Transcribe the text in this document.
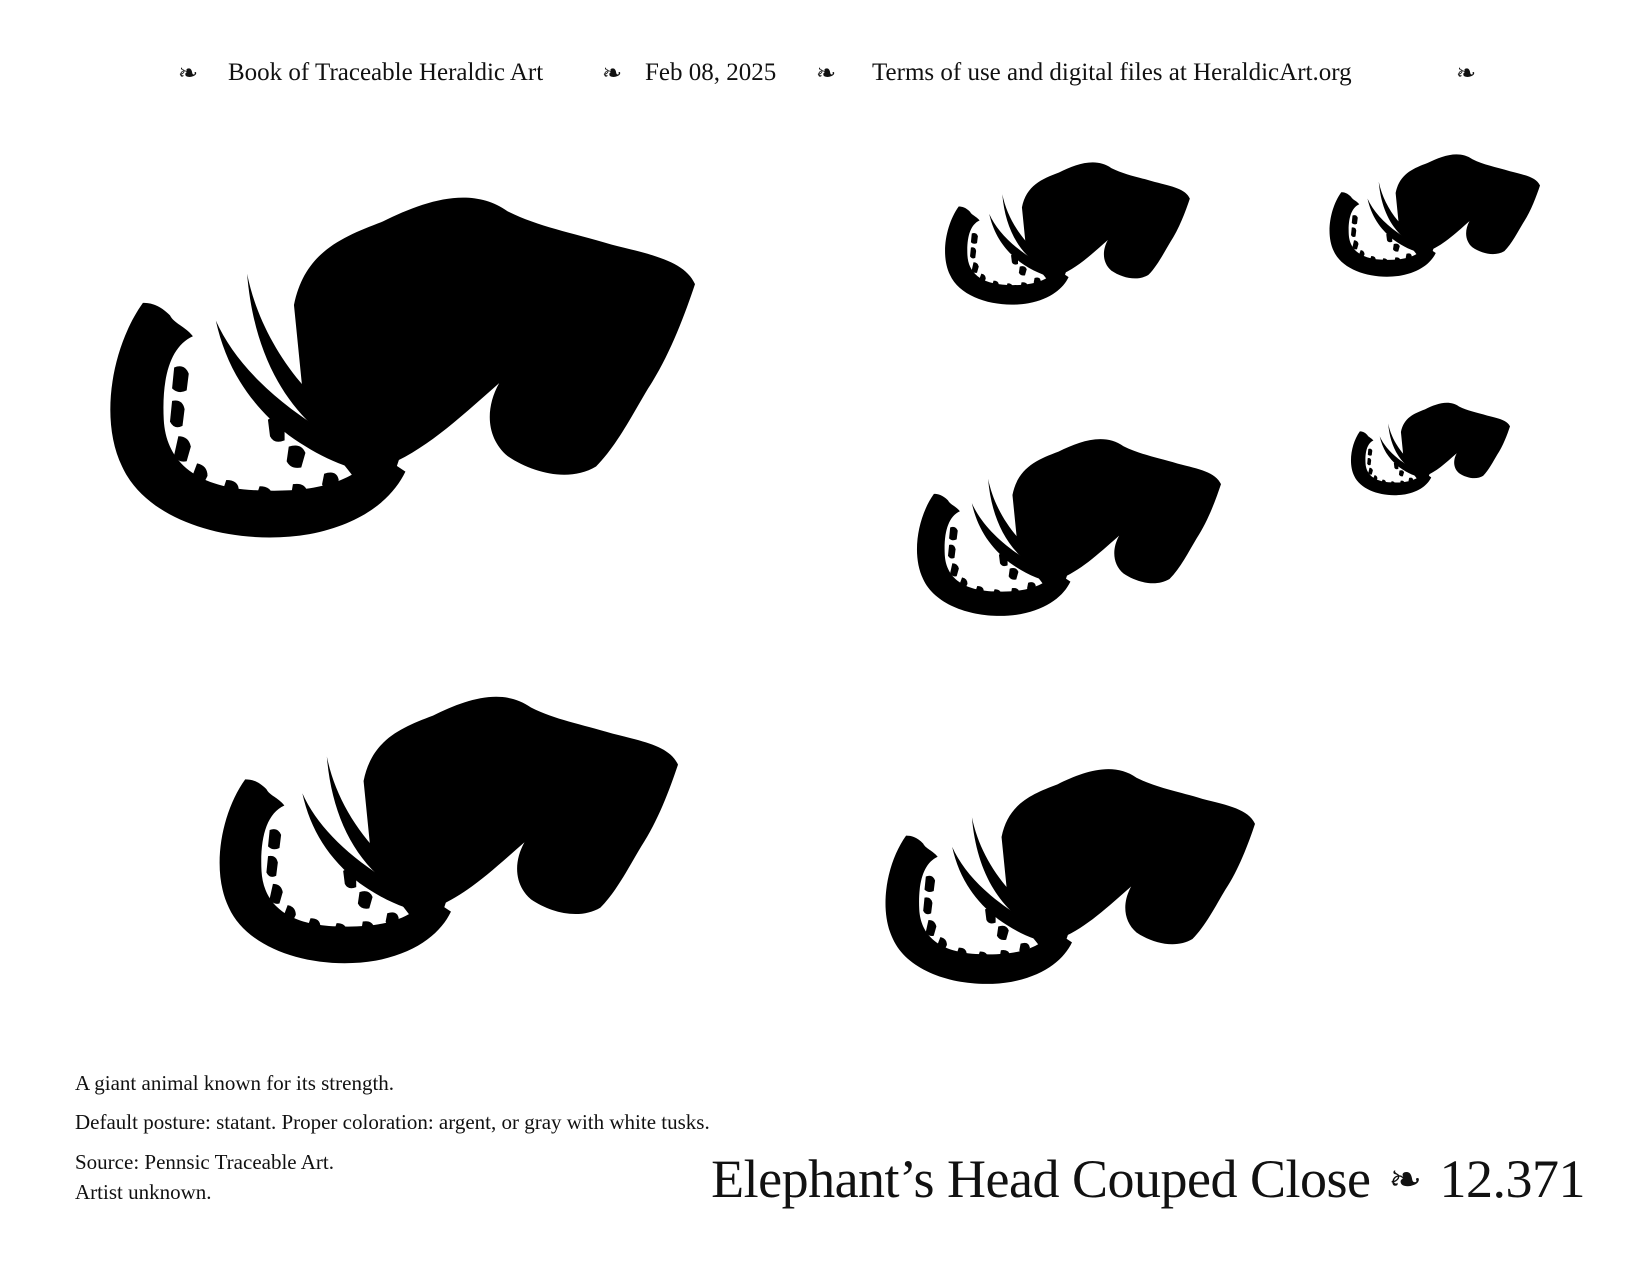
❧ Book of Traceable Heraldic Art ❧ Feb 08, 2025 ❧ Terms of use and digital files at HeraldicArt.org	❧
A giant animal known for its strength.
Default posture: statant. Proper coloration: argent, or gray with white tusks.
Source: Pennsic Traceable Art.
Artist unknown.	Elephant’s Head Couped Close ❧ 12.371
